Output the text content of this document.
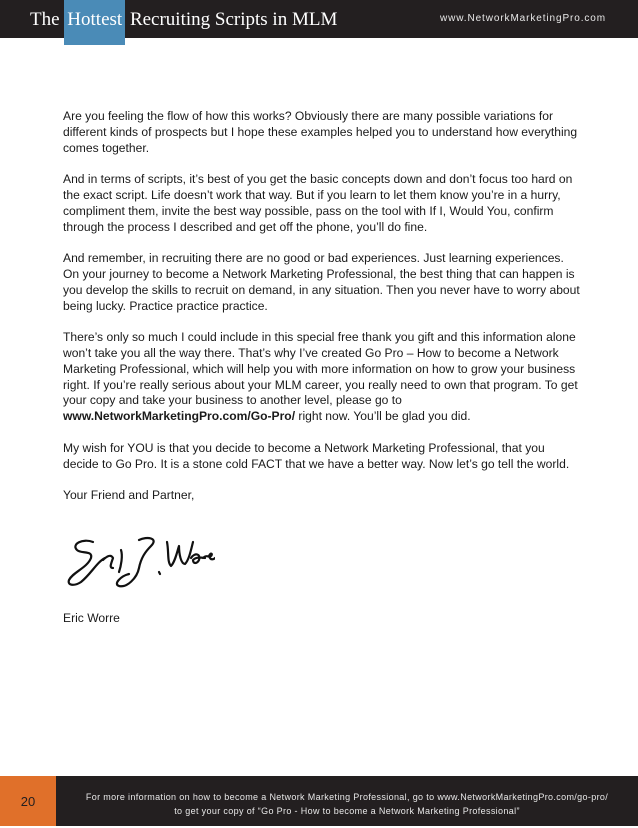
The Hottest Recruiting Scripts in MLM	www.NetworkMarketingPro.com

Are you feeling the flow of how this works? Obviously there are many possible variations for different kinds of prospects but I hope these examples helped you to understand how everything comes together.

And in terms of scripts, it’s best of you get the basic concepts down and don’t focus too hard on the exact script. Life doesn’t work that way. But if you learn to let them know you’re in a hurry, compliment them, invite the best way possible, pass on the tool with If I, Would You, confirm through the process I described and get off the phone, you’ll do fine.

And remember, in recruiting there are no good or bad experiences. Just learning experiences. On your journey to become a Network Marketing Professional, the best thing that can happen is you develop the skills to recruit on demand, in any situation. Then you never have to worry about being lucky. Practice practice practice.

There’s only so much I could include in this special free thank you gift and this information alone won’t take you all the way there. That’s why I’ve created Go Pro – How to become a Network Marketing Professional, which will help you with more information on how to grow your business right. If you’re really serious about your MLM career, you really need to own that program. To get your copy and take your business to another level, please go to www.NetworkMarketingPro.com/Go-Pro/ right now. You’ll be glad you did.

My wish for YOU is that you decide to become a Network Marketing Professional, that you decide to Go Pro. It is a stone cold FACT that we have a better way. Now let’s go tell the world.

Your Friend and Partner,

Eric Worre
20	For more information on how to become a Network Marketing Professional, go to www.NetworkMarketingPro.com/go-pro/
to get your copy of “Go Pro - How to become a Network Marketing Professional”
